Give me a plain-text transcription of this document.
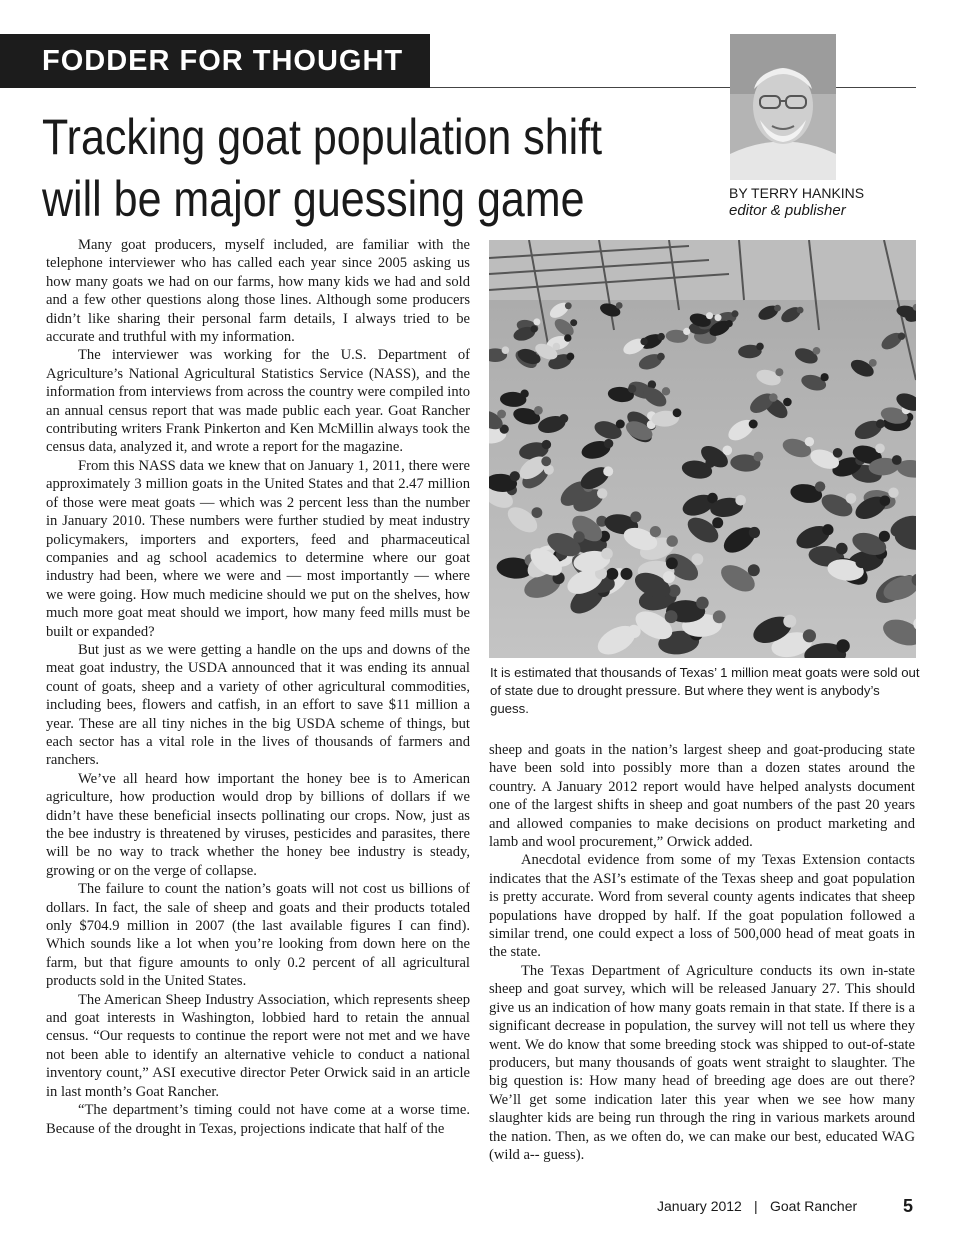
FODDER FOR THOUGHT
Tracking goat population shift
will be major guessing game	BY TERRY HANKINS
editor & publisher

Many goat producers, myself included, are familiar with the telephone interviewer who has called each year since 2005 asking us how many goats we had on our farms, how many kids we had and sold and a few other questions along those lines. Although some producers didn’t like sharing their personal farm details, I always tried to be accurate and truthful with my information.

The interviewer was working for the U.S. Department of Agriculture’s National Agricultural Statistics Service (NASS), and the information from interviews from across the country were compiled into an annual census report that was made public each year. Goat Rancher contributing writers Frank Pinkerton and Ken McMillin always took the census data, analyzed it, and wrote a report for the magazine.

From this NASS data we knew that on January 1, 2011, there were approximately 3 million goats in the United States and that 2.47 million of those were meat goats — which was 2 percent less than the number in January 2010. These numbers were further studied by meat industry policymakers, importers and exporters, feed and pharmaceutical companies and ag school academics to determine where our goat industry had been, where we were and — most importantly — where we were going. How much medicine should we put on the shelves, how much more goat meat should we import, how many feed mills must be built or expanded?

But just as we were getting a handle on the ups and downs of the meat goat industry, the USDA announced that it was ending its annual count of goats, sheep and a variety of other agricultural commodities, including bees, flowers and catfish, in an effort to save $11 million a year. These are all tiny niches in the big USDA scheme of things, but each sector has a vital role in the lives of thousands of farmers and ranchers.

We’ve all heard how important the honey bee is to American agriculture, how production would drop by billions of dollars if we didn’t have these beneficial insects pollinating our crops. Now, just as the bee industry is threatened by viruses, pesticides and parasites, there will be no way to track whether the honey bee industry is steady, growing or on the verge of collapse.

The failure to count the nation’s goats will not cost us billions of dollars. In fact, the sale of sheep and goats and their products totaled only $704.9 million in 2007 (the last available figures I can find). Which sounds like a lot when you’re looking from down here on the farm, but that figure amounts to only 0.2 percent of all agricultural products sold in the United States.

The American Sheep Industry Association, which represents sheep and goat interests in Washington, lobbied hard to retain the annual census. “Our requests to continue the report were not met and we have not been able to identify an alternative vehicle to conduct a national inventory count,” ASI executive director Peter Orwick said in an article in last month’s Goat Rancher.

“The department’s timing could not have come at a worse time. Because of the drought in Texas, projections indicate that half of the

It is estimated that thousands of Texas’ 1 million meat goats were sold out of state due to drought pressure. But where they went is anybody’s guess.

sheep and goats in the nation’s largest sheep and goat-producing state have been sold into possibly more than a dozen states around the country. A January 2012 report would have helped analysts document one of the largest shifts in sheep and goat numbers of the past 20 years and allowed companies to make decisions on product marketing and lamb and wool procurement,” Orwick added.

Anecdotal evidence from some of my Texas Extension contacts indicates that the ASI’s estimate of the Texas sheep and goat population is pretty accurate. Word from several county agents indicates that sheep populations have dropped by half. If the goat population followed a similar trend, one could expect a loss of 500,000 head of meat goats in the state.

The Texas Department of Agriculture conducts its own in-state sheep and goat survey, which will be released January 27. This should give us an indication of how many goats remain in that state. If there is a significant decrease in population, the survey will not tell us where they went. We do know that some breeding stock was shipped to out-of-state producers, but many thousands of goats went straight to slaughter. The big question is: How many head of breeding age does are out there? We’ll get some indication later this year when we see how many slaughter kids are being run through the ring in various markets around the nation. Then, as we often do, we can make our best, educated WAG (wild a-- guess).

January 2012 | Goat Rancher	5
